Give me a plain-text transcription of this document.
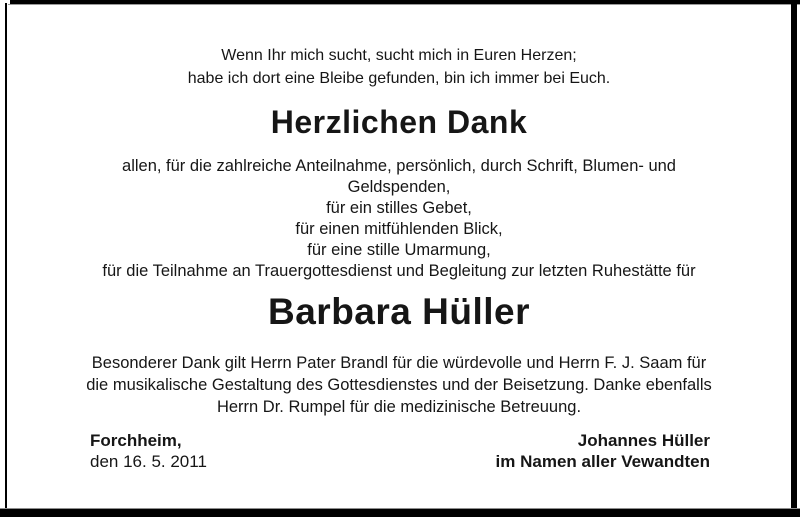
Wenn Ihr mich sucht, sucht mich in Euren Herzen;
habe ich dort eine Bleibe gefunden, bin ich immer bei Euch.
Herzlichen Dank
allen, für die zahlreiche Anteilnahme, persönlich, durch Schrift, Blumen- und
Geldspenden,
für ein stilles Gebet,
für einen mitfühlenden Blick,
für eine stille Umarmung,
für die Teilnahme an Trauergottesdienst und Begleitung zur letzten Ruhestätte für
Barbara Hüller
Besonderer Dank gilt Herrn Pater Brandl für die würdevolle und Herrn F. J. Saam für
die musikalische Gestaltung des Gottesdienstes und der Beisetzung. Danke ebenfalls
Herrn Dr. Rumpel für die medizinische Betreuung.
Forchheim,
den 16. 5. 2011
Johannes Hüller
im Namen aller Vewandten
